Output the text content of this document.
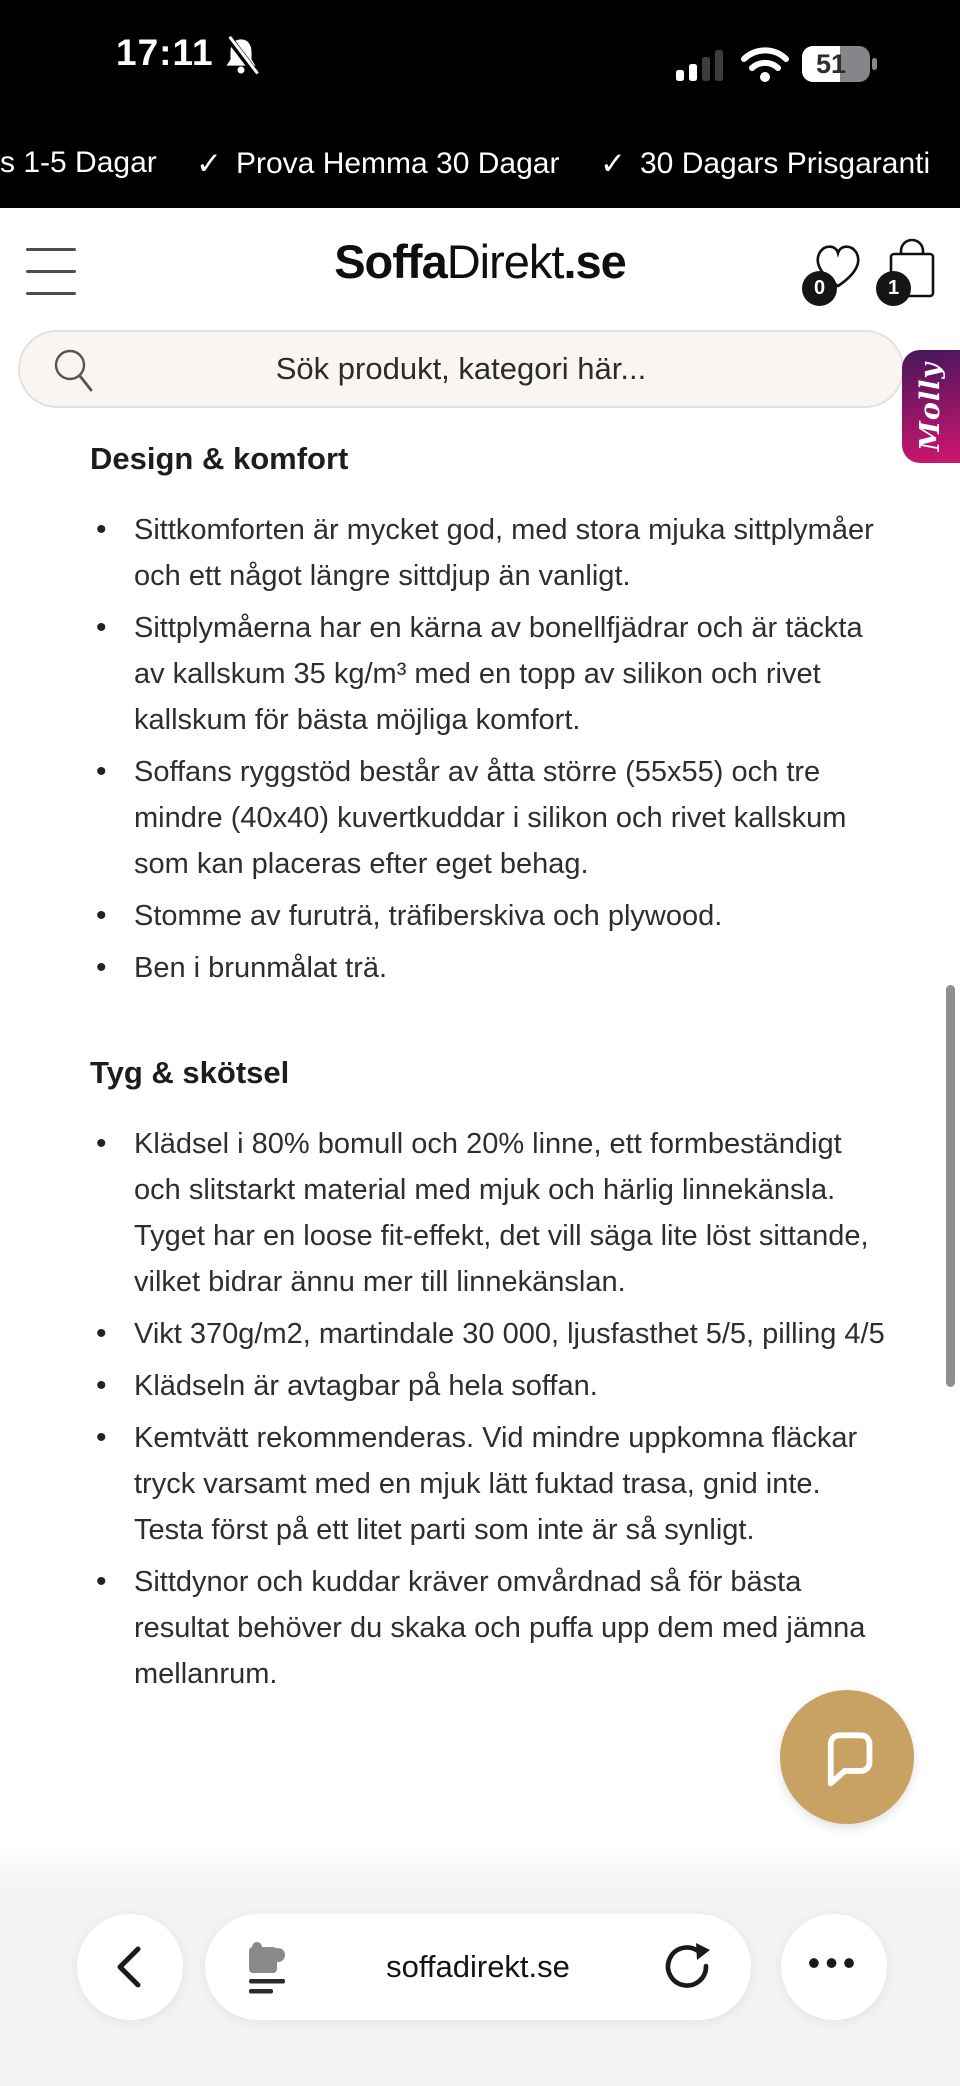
17:11	51
s 1-5 Dagar ✓ Prova Hemma 30 Dagar ✓ 30 Dagars Prisgaranti
SoffaDirekt.se	0	1
Sök produkt, kategori här...	Molly
Design & komfort
• Sittkomforten är mycket god, med stora mjuka sittplymåer och ett något längre sittdjup än vanligt.
• Sittplymåerna har en kärna av bonellfjädrar och är täckta av kallskum 35 kg/m³ med en topp av silikon och rivet kallskum för bästa möjliga komfort.
• Soffans ryggstöd består av åtta större (55x55) och tre mindre (40x40) kuvertkuddar i silikon och rivet kallskum som kan placeras efter eget behag.
• Stomme av furuträ, träfiberskiva och plywood.
• Ben i brunmålat trä.
Tyg & skötsel
• Klädsel i 80% bomull och 20% linne, ett formbeständigt och slitstarkt material med mjuk och härlig linnekänsla. Tyget har en loose fit-effekt, det vill säga lite löst sittande, vilket bidrar ännu mer till linnekänslan.
• Vikt 370g/m2, martindale 30 000, ljusfasthet 5/5, pilling 4/5
• Klädseln är avtagbar på hela soffan.
• Kemtvätt rekommenderas. Vid mindre uppkomna fläckar tryck varsamt med en mjuk lätt fuktad trasa, gnid inte. Testa först på ett litet parti som inte är så synligt.
• Sittdynor och kuddar kräver omvårdnad så för bästa resultat behöver du skaka och puffa upp dem med jämna mellanrum.
soffadirekt.se	•••
